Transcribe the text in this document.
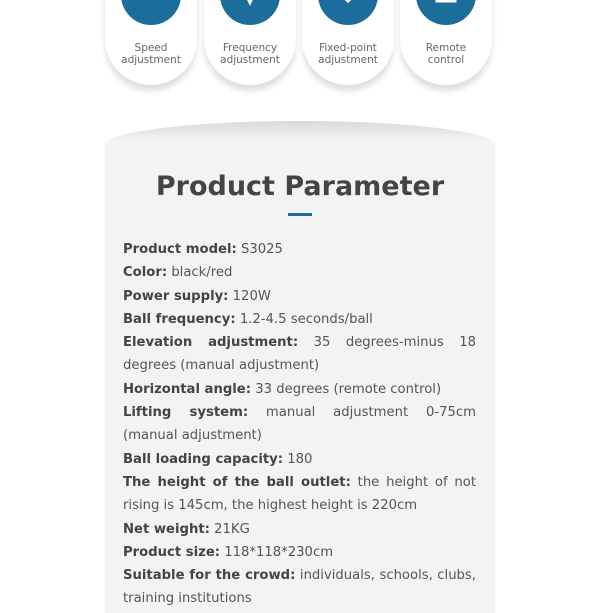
Speed
adjustment
Frequency
adjustment
Fixed-point
adjustment
Remote
control
Product Parameter

Product model: S3025

Color: black/red

Power supply: 120W

Ball frequency: 1.2-4.5 seconds/ball

Elevation adjustment: 35 degrees-minus 18 degrees (manual adjustment)

Horizontal angle: 33 degrees (remote control)

Lifting system: manual adjustment 0-75cm (manual adjustment)

Ball loading capacity: 180

The height of the ball outlet: the height of not rising is 145cm, the highest height is 220cm

Net weight: 21KG

Product size: 118*118*230cm

Suitable for the crowd: individuals, schools, clubs, training institutions
